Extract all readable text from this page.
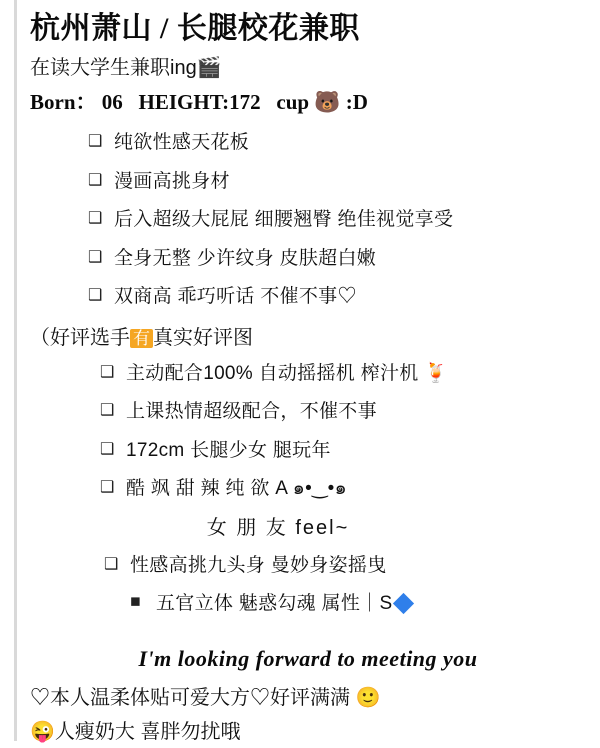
杭州萧山 / 长腿校花兼职
在读大学生兼职ing🎬
Born： 06 HEIGHT:172 cup 🐻 :D
❑ 纯欲性感天花板
❑ 漫画高挑身材
❑ 后入超级大屁屁 细腰翘臀 绝佳视觉享受
❑ 全身无整 少许纹身 皮肤超白嫩
❑ 双商高 乖巧听话 不催不事♡
（好评选手 有 真实好评图
❑ 主动配合100% 自动摇摇机 榨汁机 🍹
❑ 上课热情超级配合，不催不事
❑ 172cm 长腿少女 腿玩年
❑ 酷 飒 甜 辣 纯 欲 A ๑•‿•๑
女 朋 友 feel~
❑ 性感高挑九头身 曼妙身姿摇曳
◼ 五官立体 魅惑勾魂 属性｜S
I'm looking forward to meeting you
♡本人温柔体贴可爱大方♡好评满满 🙂
😜人瘦奶大 喜胖勿扰哦
